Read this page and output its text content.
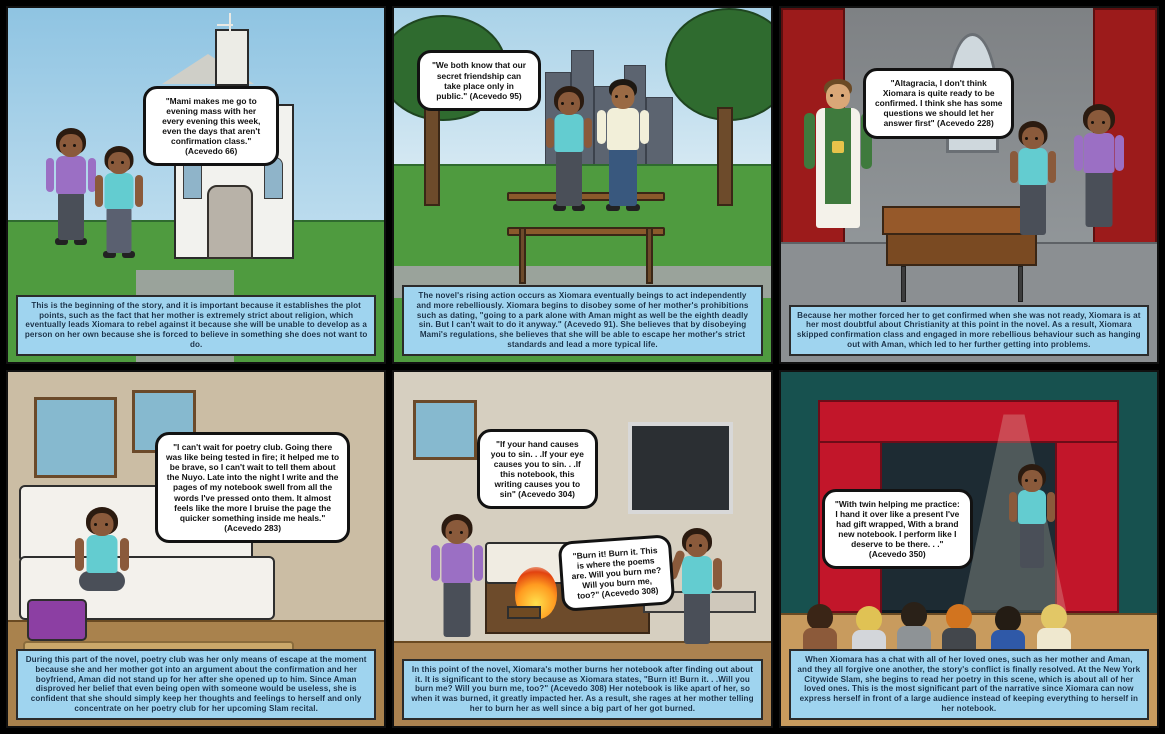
"Mami makes me go to evening mass with her every evening this week, even the days that aren't confirmation class." (Acevedo 66)
This is the beginning of the story, and it is important because it establishes the plot points, such as the fact that her mother is extremely strict about religion, which eventually leads Xiomara to rebel against it because she will be unable to develop as a person on her own because she is forced to believe in something she does not want to do.
"We both know that our secret friendship can take place only in public." (Acevedo 95)
The novel's rising action occurs as Xiomara eventually beings to act independently and more rebelliously. Xiomara begins to disobey some of her mother's prohibitions such as dating, "going to a park alone with Aman might as well be the eighth deadly sin. But I can't wait to do it anyway." (Acevedo 91). She believes that by disobeying Mami's regulations, she believes that she will be able to escape her mother's strict standards and lead a more typical life.
"Altagracia, I don't think Xiomara is quite ready to be confirmed. I think she has some questions we should let her answer first" (Acevedo 228)
Because her mother forced her to get confirmed when she was not ready, Xiomara is at her most doubtful about Christianity at this point in the novel. As a result, Xiomara skipped confirmation class and engaged in more rebellious behaviour such as hanging out with Aman, which led to her further getting into problems.
"I can't wait for poetry club. Going there was like being tested in fire; it helped me to be brave, so I can't wait to tell them about the Nuyo. Late into the night I write and the pages of my notebook swell from all the words I've pressed onto them. It almost feels like the more I bruise the page the quicker something inside me heals." (Acevedo 283)
During this part of the novel, poetry club was her only means of escape at the moment because she and her mother got into an argument about the confirmation and her boyfriend, Aman did not stand up for her after she opened up to him. Since Aman disproved her belief that even being open with someone would be useless, she is confident that she should simply keep her thoughts and feelings to herself and only concentrate on her poetry club for her upcoming Slam recital.
"If your hand causes you to sin. . .If your eye causes you to sin. . .If this notebook, this writing causes you to sin" (Acevedo 304)
"Burn it! Burn it. This is where the poems are. Will you burn me? Will you burn me, too?" (Acevedo 308)
In this point of the novel, Xiomara's mother burns her notebook after finding out about it. It is significant to the story because as Xiomara states, "Burn it! Burn it. . .Will you burn me? Will you burn me, too?" (Acevedo 308) Her notebook is like apart of her, so when it was burned, it greatly impacted her. As a result, she rages at her mother telling her to burn her as well since a big part of her got burned.
"With twin helping me practice: I hand it over like a present I've had gift wrapped, With a brand new notebook. I perform like I deserve to be there. . ." (Acevedo 350)
When Xiomara has a chat with all of her loved ones, such as her mother and Aman, and they all forgive one another, the story's conflict is finally resolved. At the New York Citywide Slam, she begins to read her poetry in this scene, which is about all of her loved ones. This is the most significant part of the narrative since Xiomara can now express herself in front of a large audience instead of keeping everything to herself in her notebook.
